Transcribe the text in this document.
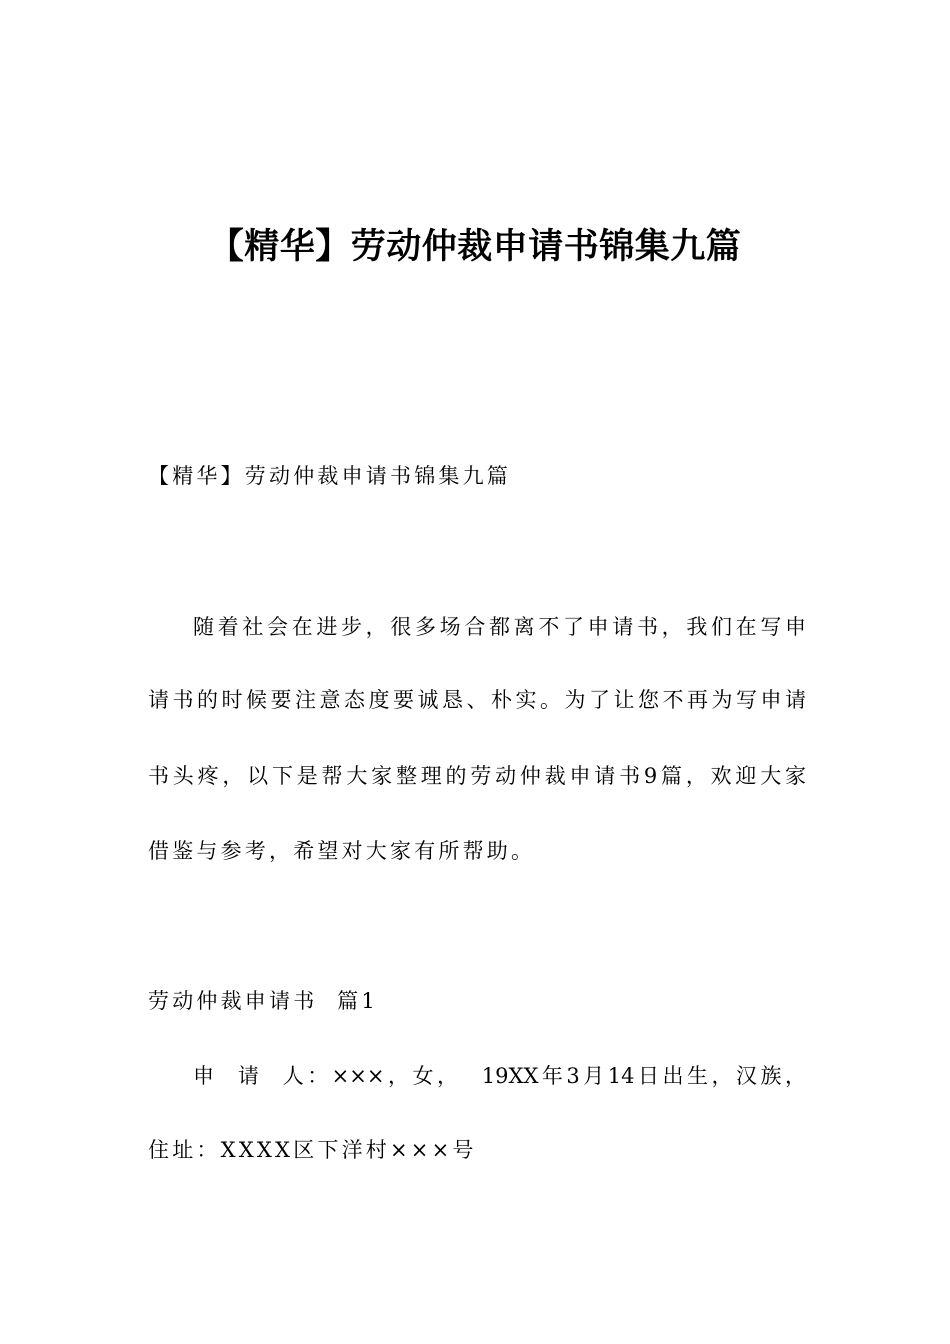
【精华】劳动仲裁申请书锦集九篇
【精华】劳动仲裁申请书锦集九篇
随着社会在进步，很多场合都离不了申请书，我们在写申
请书的时候要注意态度要诚恳、朴实。为了让您不再为写申请
书头疼，以下是帮大家整理的劳动仲裁申请书9篇，欢迎大家
借鉴与参考，希望对大家有所帮助。
劳动仲裁申请书  篇1
申  请  人：×××，女，  19XX年3月14日出生，汉族，
住址：XXXX区下洋村×××号
